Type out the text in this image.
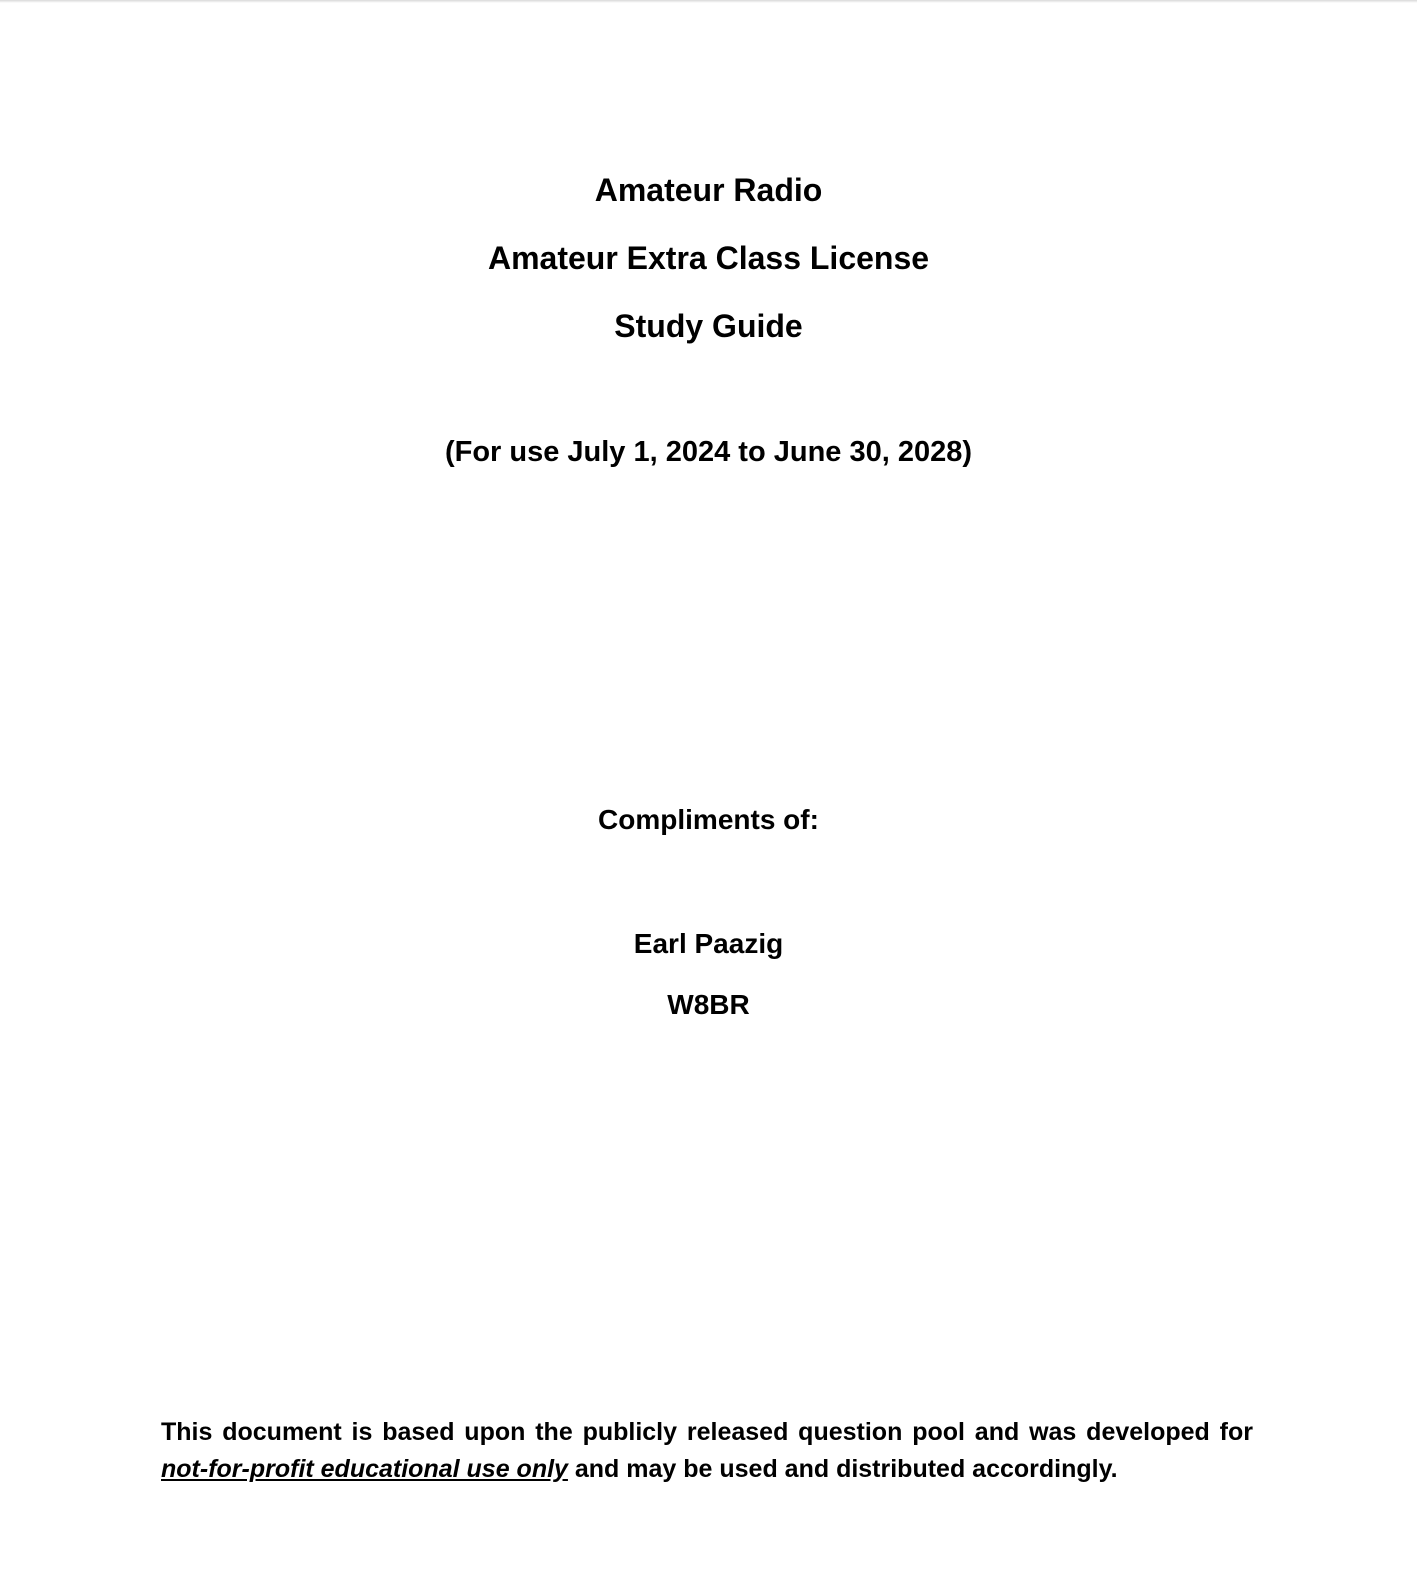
Amateur Radio
Amateur Extra Class License
Study Guide
(For use July 1, 2024 to June 30, 2028)
Compliments of:
Earl Paazig
W8BR
This document is based upon the publicly released question pool and was developed for not-for-profit educational use only and may be used and distributed accordingly.
